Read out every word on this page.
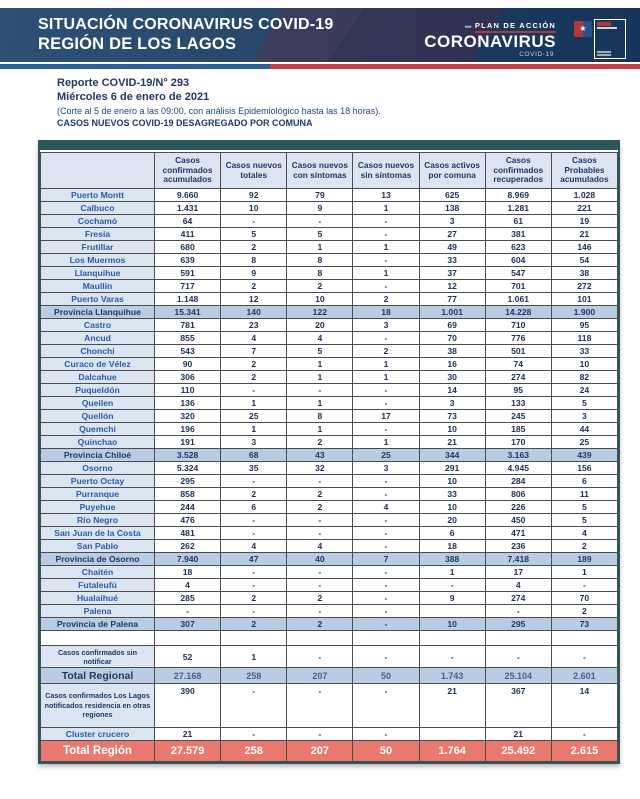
SITUACIÓN CORONAVIRUS COVID-19
REGIÓN DE LOS LAGOS
••• PLAN DE ACCIÓN
CORONAVIRUS
COVID-19
★
Reporte COVID-19/N° 293
Miércoles 6 de enero de 2021
(Corte al 5 de enero a las 09:00, con análisis Epidemiológico hasta las 18 horas).
CASOS NUEVOS COVID-19 DESAGREGADO POR COMUNA
	Casos confirmados acumulados	Casos nuevos totales	Casos nuevos con síntomas	Casos nuevos sin síntomas	Casos activos por comuna	Casos confirmados recuperados	Casos Probables acumulados
Puerto Montt	9.660	92	79	13	625	8.969	1.028
Calbuco	1.431	10	9	1	138	1.281	221
Cochamó	64	-	-	-	3	61	19
Fresia	411	5	5	-	27	381	21
Frutillar	680	2	1	1	49	623	146
Los Muermos	639	8	8	-	33	604	54
Llanquihue	591	9	8	1	37	547	38
Maullín	717	2	2	-	12	701	272
Puerto Varas	1.148	12	10	2	77	1.061	101
Provincia Llanquihue	15.341	140	122	18	1.001	14.228	1.900
Castro	781	23	20	3	69	710	95
Ancud	855	4	4	-	70	776	118
Chonchi	543	7	5	2	38	501	33
Curaco de Vélez	90	2	1	1	16	74	10
Dalcahue	306	2	1	1	30	274	82
Puqueldón	110	-	-	-	14	95	24
Queilen	136	1	1	-	3	133	5
Quellón	320	25	8	17	73	245	3
Quemchi	196	1	1	-	10	185	44
Quinchao	191	3	2	1	21	170	25
Provincia Chiloé	3.528	68	43	25	344	3.163	439
Osorno	5.324	35	32	3	291	4.945	156
Puerto Octay	295	-	-	-	10	284	6
Purranque	858	2	2	-	33	806	11
Puyehue	244	6	2	4	10	226	5
Río Negro	476	-	-	-	20	450	5
San Juan de la Costa	481	-	-	-	6	471	4
San Pablo	262	4	4	-	18	236	2
Provincia de Osorno	7.940	47	40	7	388	7.418	189
Chaitén	18	-	-	-	1	17	1
Futaleufú	4	-	-	-	-	4	-
Hualaihué	285	2	2	-	9	274	70
Palena	-	-	-	-		-	2
Provincia de Palena	307	2	2	-	10	295	73

Casos confirmados sin notificar	52	1	-	-	-	-	-
Total Regional	27.168	258	207	50	1.743	25.104	2.601
Casos confirmados Los Lagos notificados residencia en otras regiones	390	-	-	-	21	367	14
Cluster crucero	21	-	-	-		21	-
Total Región	27.579	258	207	50	1.764	25.492	2.615
